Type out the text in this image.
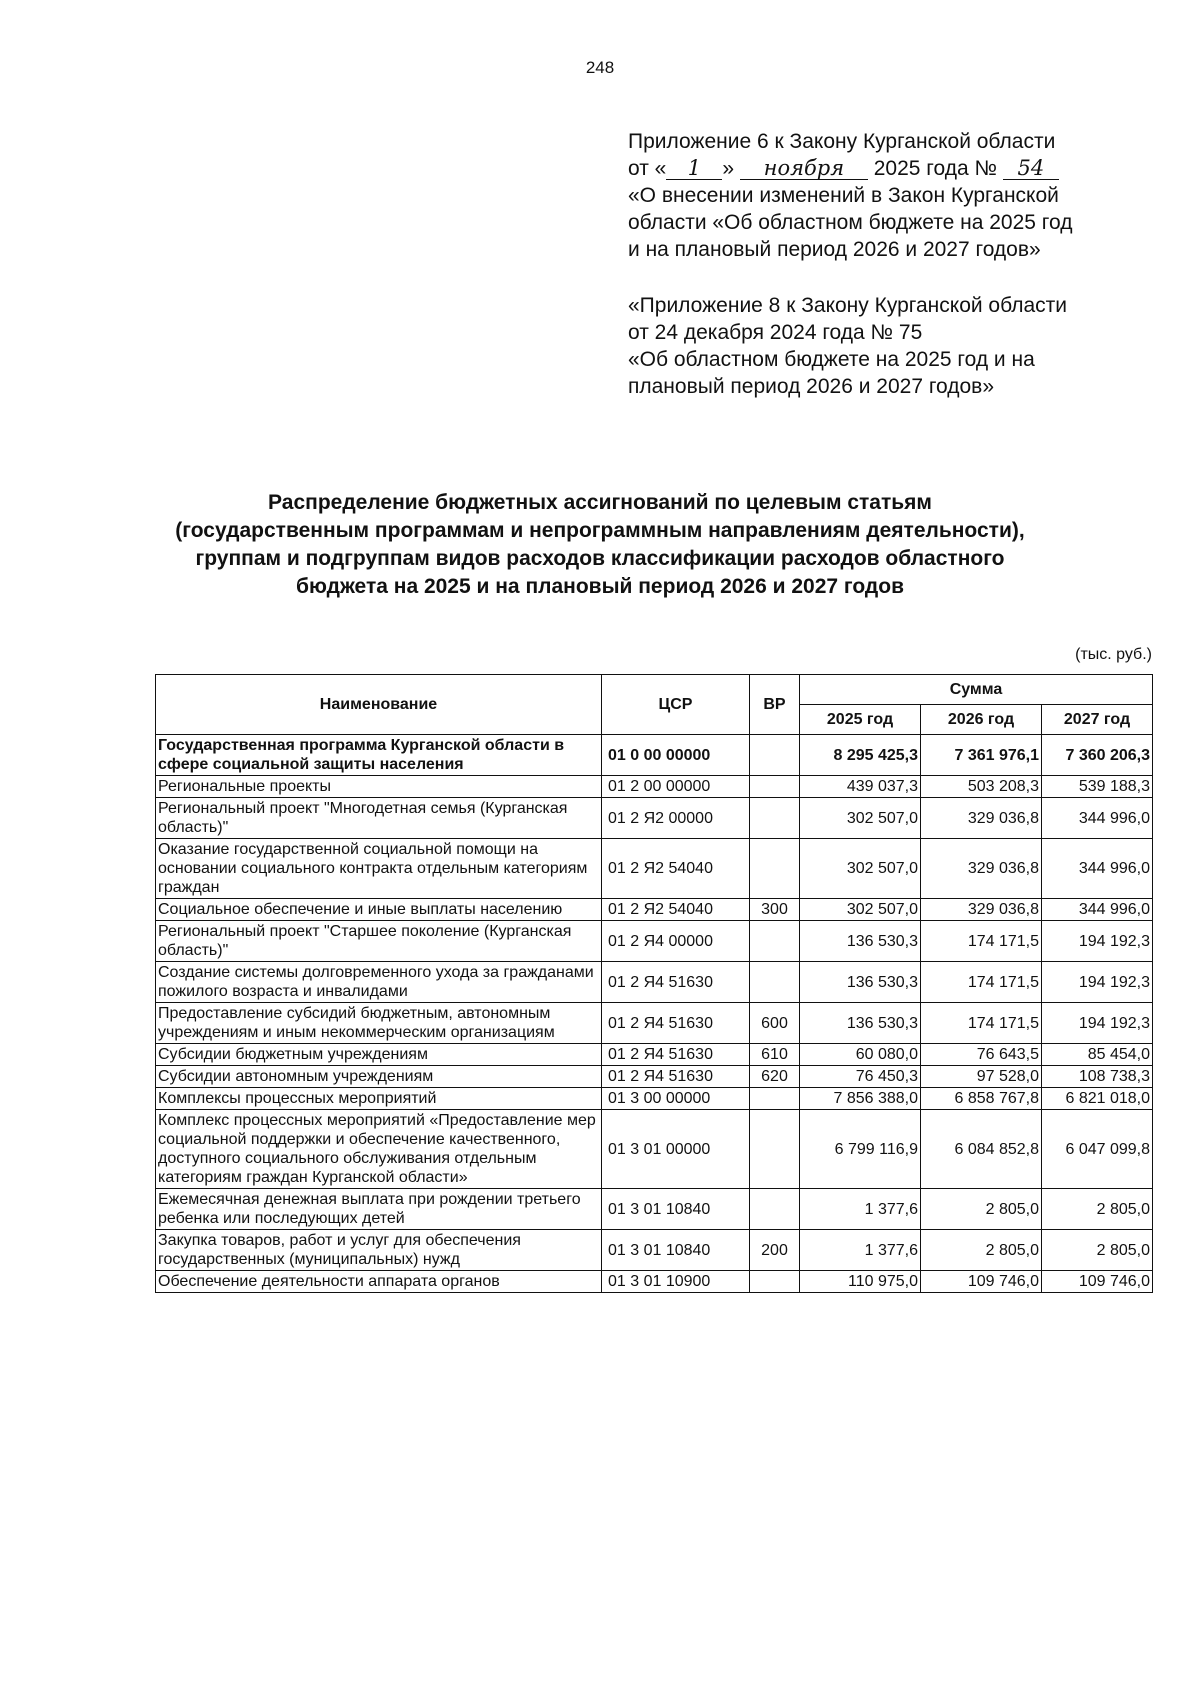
248
Приложение 6 к Закону Курганской области
от « 1 » ноября 2025 года № 54
«О внесении изменений в Закон Курганской
области «Об областном бюджете на 2025 год
и на плановый период 2026 и 2027 годов»
«Приложение 8 к Закону Курганской области
от 24 декабря 2024 года № 75
«Об областном бюджете на 2025 год и на
плановый период 2026 и 2027 годов»
Распределение бюджетных ассигнований по целевым статьям
(государственным программам и непрограммным направлениям деятельности),
группам и подгруппам видов расходов классификации расходов областного
бюджета на 2025 и на плановый период 2026 и 2027 годов
(тыс. руб.)
Наименование	ЦСР	ВР	Сумма		
			2025 год	2026 год	2027 год
Государственная программа Курганской области в сфере социальной защиты населения	01 0 00 00000		8 295 425,3	7 361 976,1	7 360 206,3
Региональные проекты	01 2 00 00000		439 037,3	503 208,3	539 188,3
Региональный проект "Многодетная семья (Курганская область)"	01 2 Я2 00000		302 507,0	329 036,8	344 996,0
Оказание государственной социальной помощи на основании социального контракта отдельным категориям граждан	01 2 Я2 54040		302 507,0	329 036,8	344 996,0
Социальное обеспечение и иные выплаты населению	01 2 Я2 54040	300	302 507,0	329 036,8	344 996,0
Региональный проект "Старшее поколение (Курганская область)"	01 2 Я4 00000		136 530,3	174 171,5	194 192,3
Создание системы долговременного ухода за гражданами пожилого возраста и инвалидами	01 2 Я4 51630		136 530,3	174 171,5	194 192,3
Предоставление субсидий бюджетным, автономным учреждениям и иным некоммерческим организациям	01 2 Я4 51630	600	136 530,3	174 171,5	194 192,3
Субсидии бюджетным учреждениям	01 2 Я4 51630	610	60 080,0	76 643,5	85 454,0
Субсидии автономным учреждениям	01 2 Я4 51630	620	76 450,3	97 528,0	108 738,3
Комплексы процессных мероприятий	01 3 00 00000		7 856 388,0	6 858 767,8	6 821 018,0
Комплекс процессных мероприятий «Предоставление мер социальной поддержки и обеспечение качественного, доступного социального обслуживания отдельным категориям граждан Курганской области»	01 3 01 00000		6 799 116,9	6 084 852,8	6 047 099,8
Ежемесячная денежная выплата при рождении третьего ребенка или последующих детей	01 3 01 10840		1 377,6	2 805,0	2 805,0
Закупка товаров, работ и услуг для обеспечения государственных (муниципальных) нужд	01 3 01 10840	200	1 377,6	2 805,0	2 805,0
Обеспечение деятельности аппарата органов	01 3 01 10900		110 975,0	109 746,0	109 746,0
